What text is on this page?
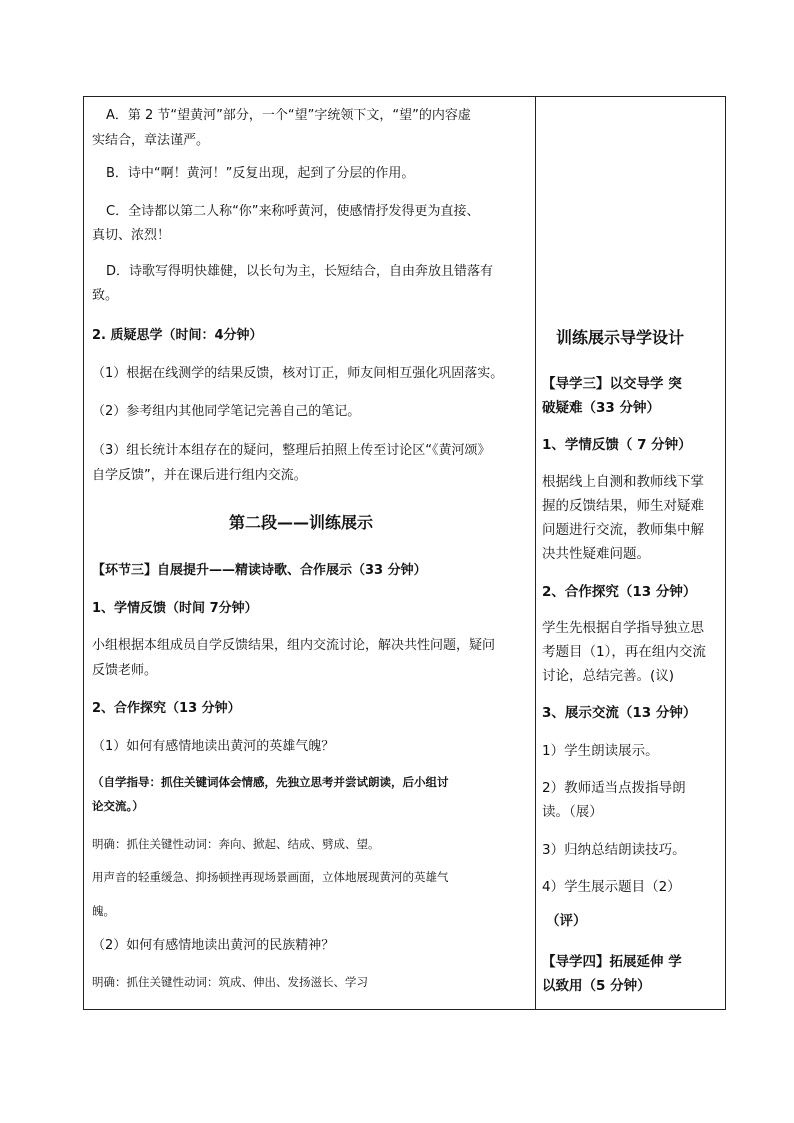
A．第 2 节“望黄河”部分，一个“望”字统领下文，“望”的内容虚
实结合，章法谨严。
B．诗中“啊！黄河！”反复出现，起到了分层的作用。
C．全诗都以第二人称“你”来称呼黄河，使感情抒发得更为直接、
真切、浓烈！
D．诗歌写得明快雄健，以长句为主，长短结合，自由奔放且错落有
致。
2. 质疑思学（时间：4分钟）
（1）根据在线测学的结果反馈，核对订正，师友间相互强化巩固落实。
（2）参考组内其他同学笔记完善自己的笔记。
（3）组长统计本组存在的疑问，整理后拍照上传至讨论区“《黄河颂》
自学反馈”，并在课后进行组内交流。
第二段——训练展示
【环节三】自展提升——精读诗歌、合作展示（33 分钟）
1、学情反馈（时间 7分钟）
小组根据本组成员自学反馈结果，组内交流讨论，解决共性问题，疑问
反馈老师。
2、合作探究（13 分钟）
（1）如何有感情地读出黄河的英雄气魄？
（自学指导：抓住关键词体会情感，先独立思考并尝试朗读，后小组讨
论交流。）
明确：抓住关键性动词：奔向、掀起、结成、劈成、望。
用声音的轻重缓急、抑扬顿挫再现场景画面，立体地展现黄河的英雄气
魄。
（2）如何有感情地读出黄河的民族精神？
明确：抓住关键性动词：筑成、伸出、发扬滋长、学习
训练展示导学设计
【导学三】以交导学 突
破疑难（33 分钟）
1、学情反馈（ 7 分钟）
根据线上自测和教师线下掌
握的反馈结果，师生对疑难
问题进行交流，教师集中解
决共性疑难问题。
2、合作探究（13 分钟）
学生先根据自学指导独立思
考题目（1），再在组内交流
讨论，总结完善。(议)
3、展示交流（13 分钟）
1）学生朗读展示。
2）教师适当点拨指导朗
读。（展）
3）归纳总结朗读技巧。
4）学生展示题目（2）
（评）
【导学四】拓展延伸 学
以致用（5 分钟）
